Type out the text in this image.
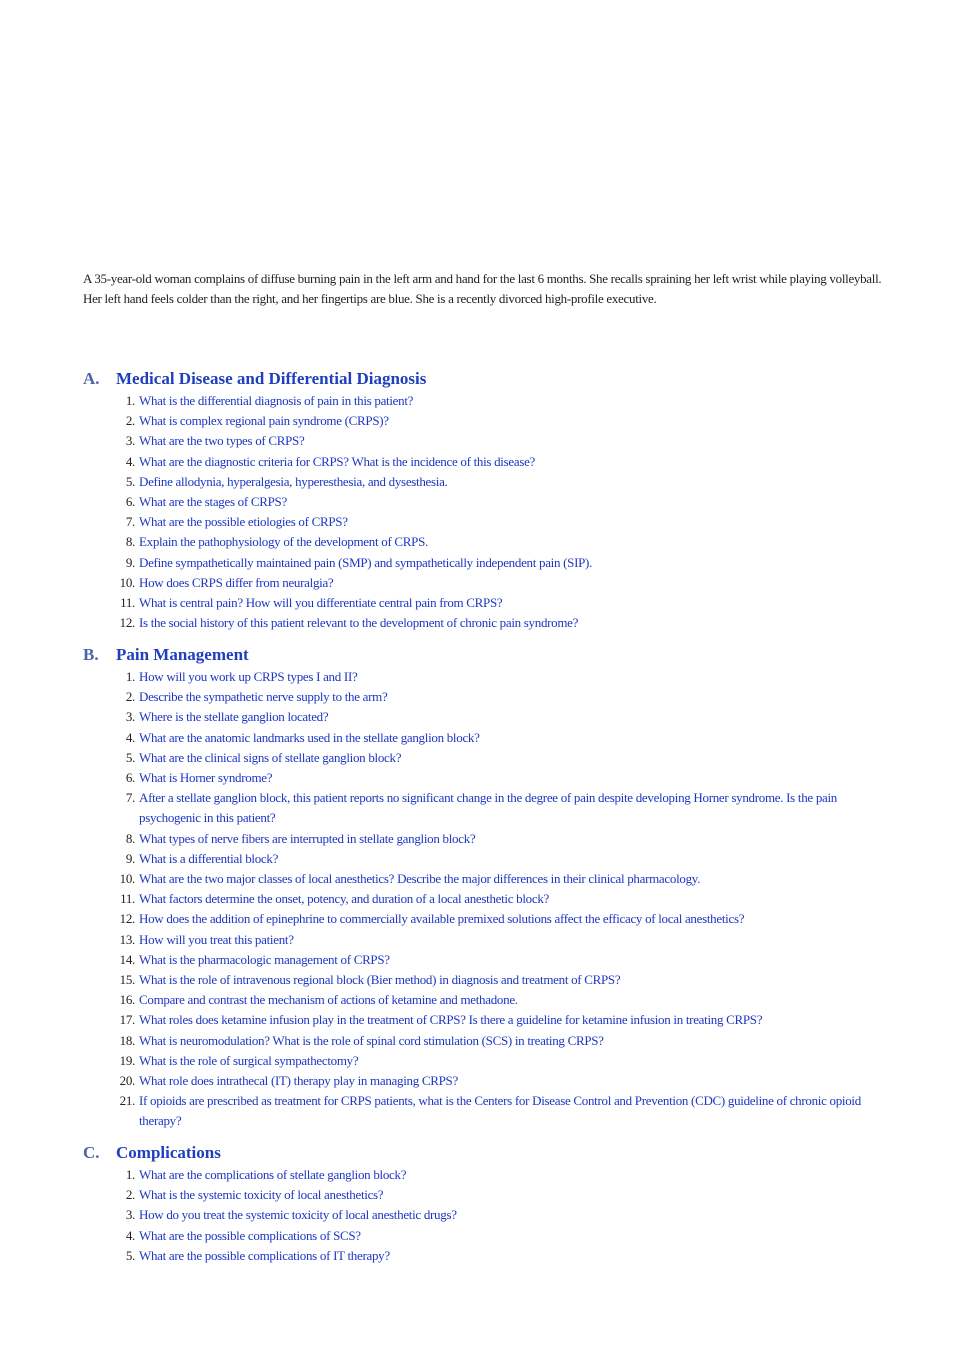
A 35-year-old woman complains of diffuse burning pain in the left arm and hand for the last 6 months. She recalls spraining her left wrist while playing volleyball. Her left hand feels colder than the right, and her fingertips are blue. She is a recently divorced high-profile executive.

A. Medical Disease and Differential Diagnosis
1. What is the differential diagnosis of pain in this patient?
2. What is complex regional pain syndrome (CRPS)?
3. What are the two types of CRPS?
4. What are the diagnostic criteria for CRPS? What is the incidence of this disease?
5. Define allodynia, hyperalgesia, hyperesthesia, and dysesthesia.
6. What are the stages of CRPS?
7. What are the possible etiologies of CRPS?
8. Explain the pathophysiology of the development of CRPS.
9. Define sympathetically maintained pain (SMP) and sympathetically independent pain (SIP).
10. How does CRPS differ from neuralgia?
11. What is central pain? How will you differentiate central pain from CRPS?
12. Is the social history of this patient relevant to the development of chronic pain syndrome?
B. Pain Management
1. How will you work up CRPS types I and II?
2. Describe the sympathetic nerve supply to the arm?
3. Where is the stellate ganglion located?
4. What are the anatomic landmarks used in the stellate ganglion block?
5. What are the clinical signs of stellate ganglion block?
6. What is Horner syndrome?
7. After a stellate ganglion block, this patient reports no significant change in the degree of pain despite developing Horner syndrome. Is the pain psychogenic in this patient?
8. What types of nerve fibers are interrupted in stellate ganglion block?
9. What is a differential block?
10. What are the two major classes of local anesthetics? Describe the major differences in their clinical pharmacology.
11. What factors determine the onset, potency, and duration of a local anesthetic block?
12. How does the addition of epinephrine to commercially available premixed solutions affect the efficacy of local anesthetics?
13. How will you treat this patient?
14. What is the pharmacologic management of CRPS?
15. What is the role of intravenous regional block (Bier method) in diagnosis and treatment of CRPS?
16. Compare and contrast the mechanism of actions of ketamine and methadone.
17. What roles does ketamine infusion play in the treatment of CRPS? Is there a guideline for ketamine infusion in treating CRPS?
18. What is neuromodulation? What is the role of spinal cord stimulation (SCS) in treating CRPS?
19. What is the role of surgical sympathectomy?
20. What role does intrathecal (IT) therapy play in managing CRPS?
21. If opioids are prescribed as treatment for CRPS patients, what is the Centers for Disease Control and Prevention (CDC) guideline of chronic opioid therapy?
C. Complications
1. What are the complications of stellate ganglion block?
2. What is the systemic toxicity of local anesthetics?
3. How do you treat the systemic toxicity of local anesthetic drugs?
4. What are the possible complications of SCS?
5. What are the possible complications of IT therapy?
